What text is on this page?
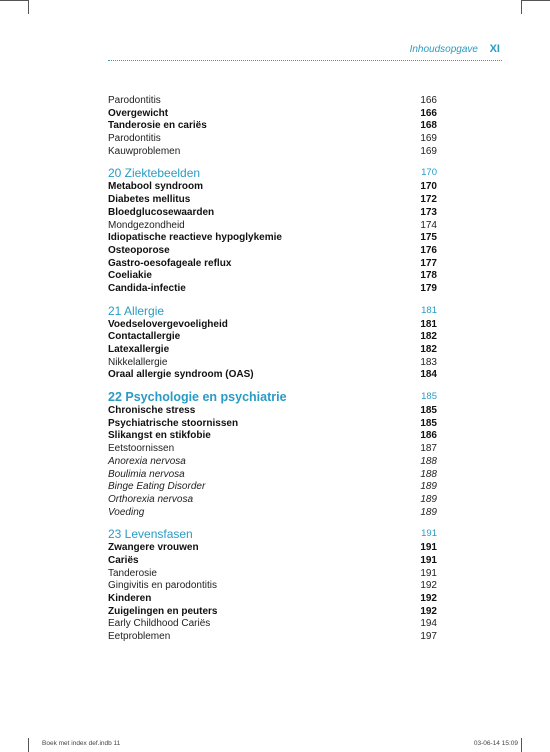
Inhoudsopgave XI
Parodontitis	166
Overgewicht	166
Tanderosie en cariës	168
Parodontitis	169
Kauwproblemen	169
20 Ziektebeelden	170
Metabool syndroom	170
Diabetes mellitus	172
Bloedglucosewaarden	173
Mondgezondheid	174
Idiopatische reactieve hypoglykemie	175
Osteoporose	176
Gastro-oesofageale reflux	177
Coeliakie	178
Candida-infectie	179
21 Allergie	181
Voedselovergevoeligheid	181
Contactallergie	182
Latexallergie	182
Nikkelallergie	183
Oraal allergie syndroom (OAS)	184
22 Psychologie en psychiatrie	185
Chronische stress	185
Psychiatrische stoornissen	185
Slikangst en stikfobie	186
Eetstoornissen	187
Anorexia nervosa	188
Boulimia nervosa	188
Binge Eating Disorder	189
Orthorexia nervosa	189
Voeding	189
23 Levensfasen	191
Zwangere vrouwen	191
Cariës	191
Tanderosie	191
Gingivitis en parodontitis	192
Kinderen	192
Zuigelingen en peuters	192
Early Childhood Cariës	194
Eetproblemen	197
Boek met index def.indb 11	03-06-14 15:09
